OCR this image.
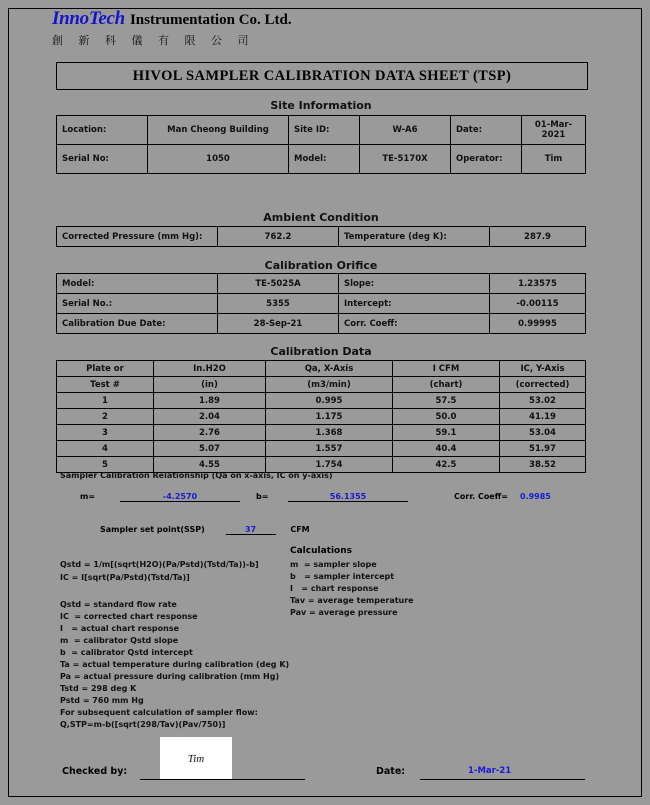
InnoTech Instrumentation Co. Ltd.
創 新 科 儀 有 限 公 司
HIVOL SAMPLER CALIBRATION DATA SHEET (TSP)
Site Information
Location:	Man Cheong Building	Site ID:	W-A6	Date:	01-Mar-2021
Serial No:	1050	Model:	TE-5170X	Operator:	Tim
Ambient Condition
Corrected Pressure (mm Hg):	762.2	Temperature (deg K):	287.9
Calibration Orifice
Model:	TE-5025A	Slope:	1.23575
Serial No.:	5355	Intercept:	-0.00115
Calibration Due Date:	28-Sep-21	Corr. Coeff:	0.99995
Calibration Data
Plate or	In.H2O	Qa, X-Axis	I CFM	IC, Y-Axis
Test #	(in)	(m3/min)	(chart)	(corrected)
1	1.89	0.995	57.5	53.02
2	2.04	1.175	50.0	41.19
3	2.76	1.368	59.1	53.04
4	5.07	1.557	40.4	51.97
5	4.55	1.754	42.5	38.52
Sampler Calibration Relationship (Qa on x-axis, IC on y-axis)
m=	-4.2570	b=	56.1355	Corr. Coeff= 0.9985
Sampler set point(SSP)	37	CFM
Calculations
Qstd = 1/m[(sqrt(H2O)(Pa/Pstd)(Tstd/Ta))-b]
IC = I[sqrt(Pa/Pstd)(Tstd/Ta)]
m  = sampler slope
b   = sampler intercept
I   = chart response
Tav = average temperature
Pav = average pressure
Qstd = standard flow rate
IC  = corrected chart response
I   = actual chart response
m  = calibrator Qstd slope
b  = calibrator Qstd intercept
Ta = actual temperature during calibration (deg K)
Pa = actual pressure during calibration (mm Hg)
Tstd = 298 deg K
Pstd = 760 mm Hg
For subsequent calculation of sampler flow:
Q,STP=m-b([sqrt(298/Tav)(Pav/750)]
Tim
Checked by:	Date:	1-Mar-21
